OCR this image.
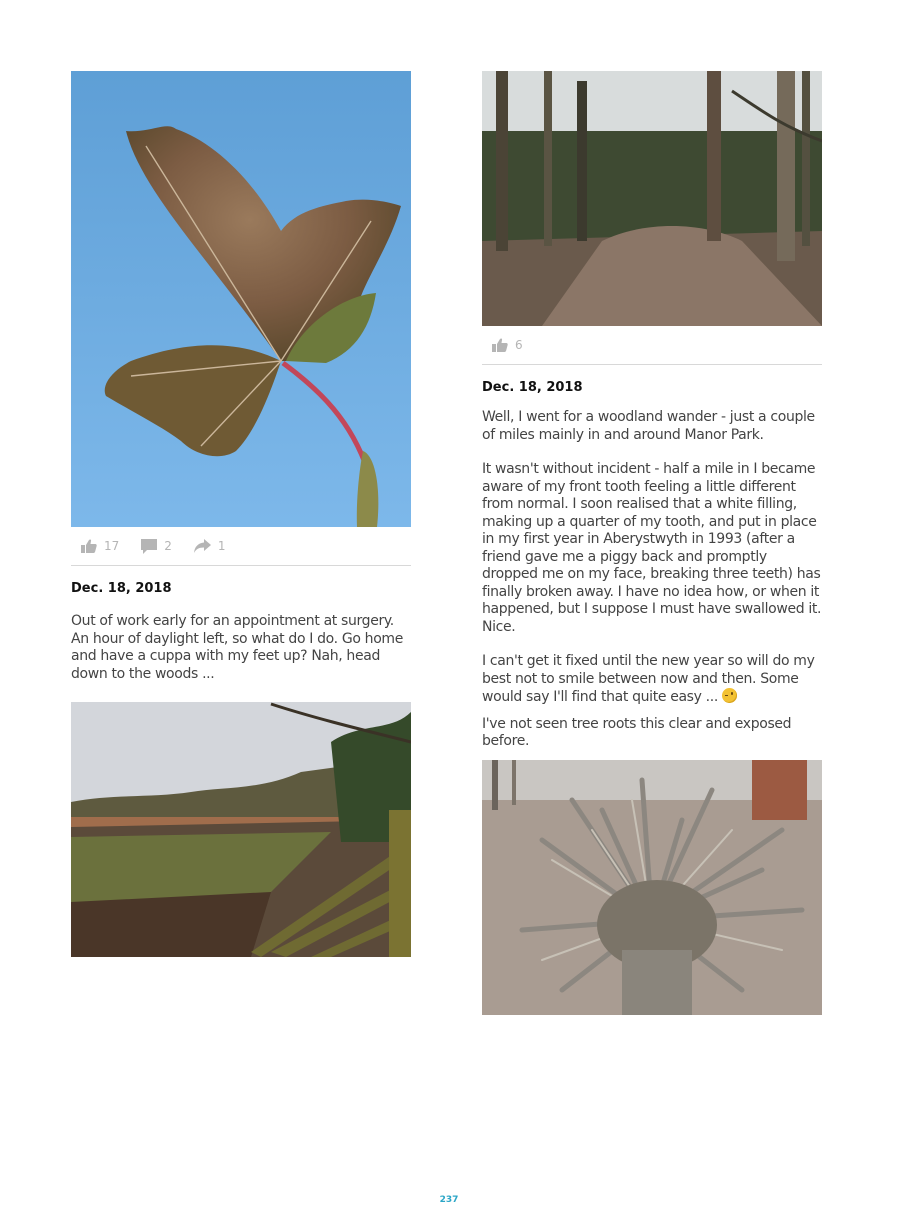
17	2	1

Dec. 18, 2018

Out of work early for an appointment at surgery. An hour of daylight left, so what do I do. Go home and have a cuppa with my feet up? Nah, head down to the woods ...

6

Dec. 18, 2018

Well, I went for a woodland wander - just a couple of miles mainly in and around Manor Park.

It wasn't without incident - half a mile in I became aware of my front tooth feeling a little different from normal. I soon realised that a white filling, making up a quarter of my tooth, and put in place in my first year in Aberystwyth in 1993 (after a friend gave me a piggy back and promptly dropped me on my face, breaking three teeth) has finally broken away. I have no idea how, or when it happened, but I suppose I must have swallowed it. Nice.

I can't get it fixed until the new year so will do my best not to smile between now and then. Some would say I'll find that quite easy ...

I've not seen tree roots this clear and exposed before.

237
